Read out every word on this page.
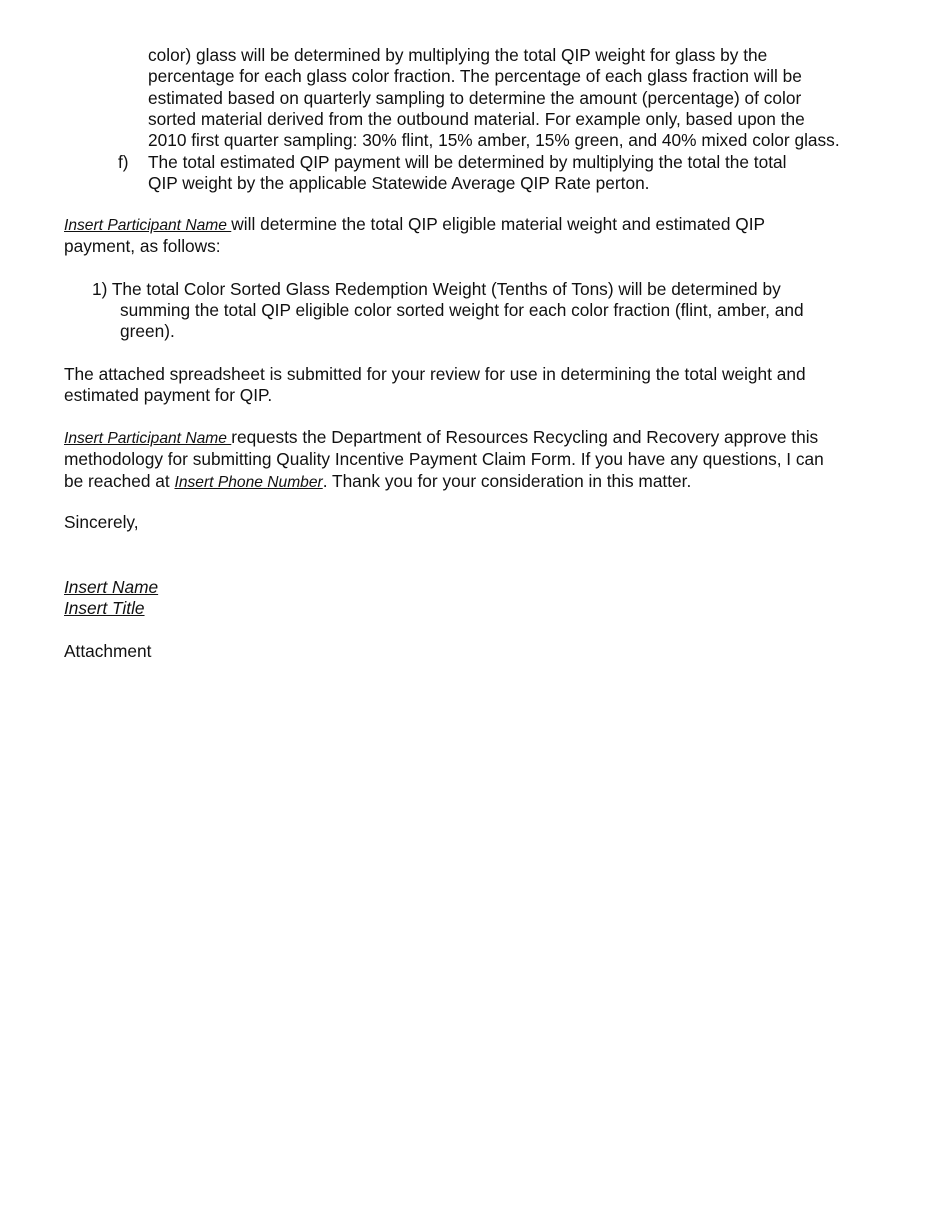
color) glass will be determined by multiplying the total QIP weight for glass by the
percentage for each glass color fraction. The percentage of each glass fraction will be
estimated based on quarterly sampling to determine the amount (percentage) of color
sorted material derived from the outbound material. For example only, based upon the
2010 first quarter sampling: 30% flint, 15% amber, 15% green, and 40% mixed color glass.
f) The total estimated QIP payment will be determined by multiplying the total the total
QIP weight by the applicable Statewide Average QIP Rate perton.
Insert Participant Name will determine the total QIP eligible material weight and estimated QIP
payment, as follows:
1) The total Color Sorted Glass Redemption Weight (Tenths of Tons) will be determined by
summing the total QIP eligible color sorted weight for each color fraction (flint, amber, and
green).
The attached spreadsheet is submitted for your review for use in determining the total weight and
estimated payment for QIP.
Insert Participant Name requests the Department of Resources Recycling and Recovery approve this
methodology for submitting Quality Incentive Payment Claim Form. If you have any questions, I can
be reached at Insert Phone Number. Thank you for your consideration in this matter.
Sincerely,
Insert Name
Insert Title
Attachment
